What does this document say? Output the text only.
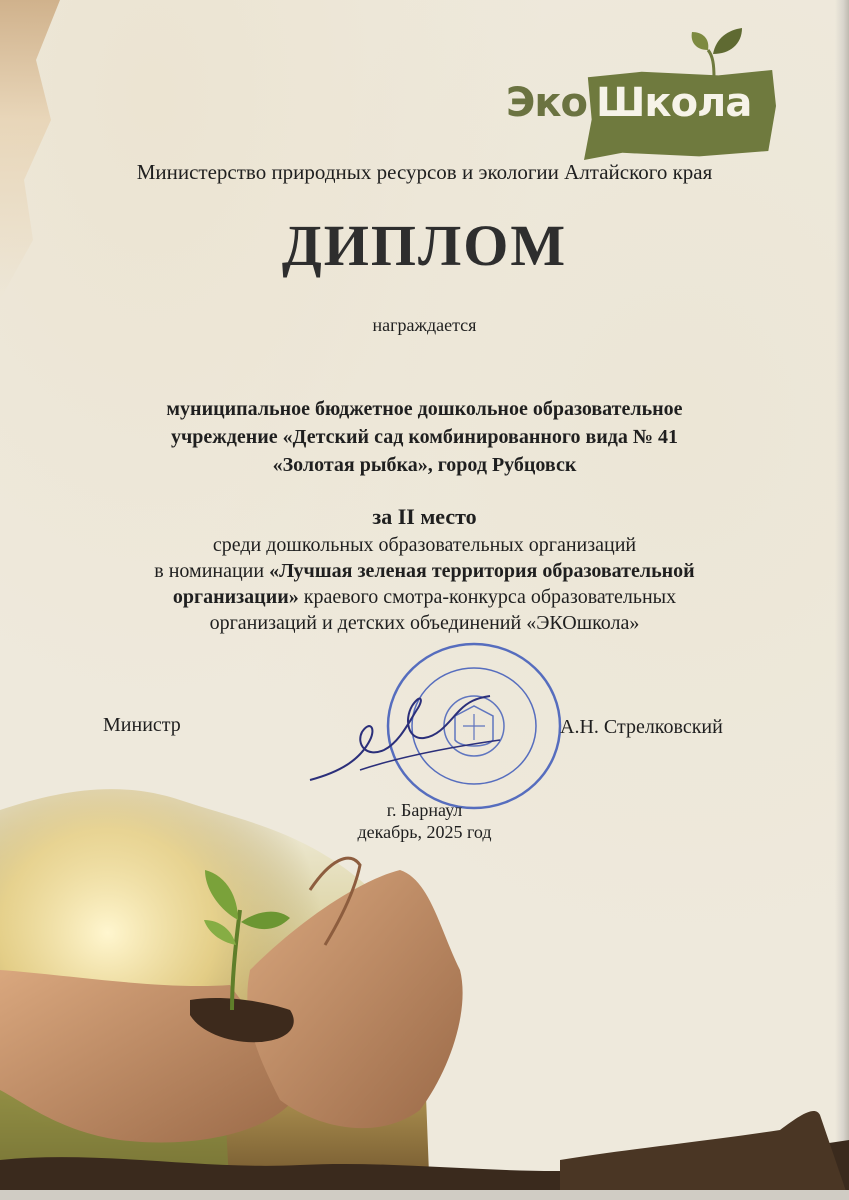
Эко Школа
Министерство природных ресурсов и экологии Алтайского края
ДИПЛОМ
награждается
муниципальное бюджетное дошкольное образовательное
учреждение «Детский сад комбинированного вида № 41
«Золотая рыбка», город Рубцовск
за II место
среди дошкольных образовательных организаций
в номинации «Лучшая зеленая территория образовательной
организации» краевого смотра-конкурса образовательных
организаций и детских объединений «ЭКОшкола»
Министр	А.Н. Стрелковский
г. Барнаул
декабрь, 2025 год
